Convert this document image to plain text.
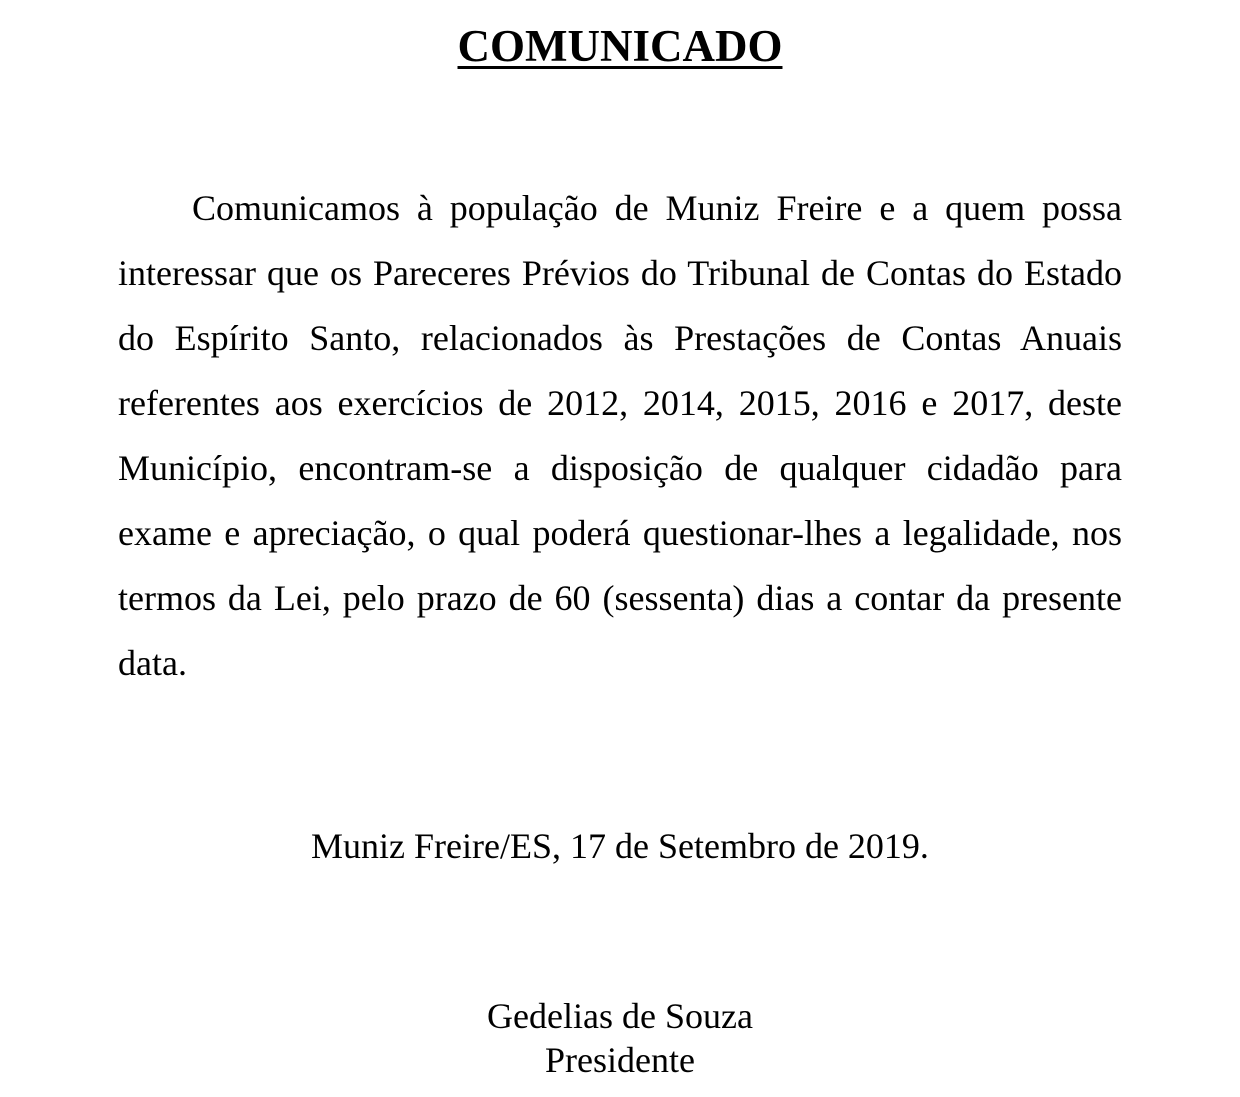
COMUNICADO

Comunicamos à população de Muniz Freire e a quem possa interessar que os Pareceres Prévios do Tribunal de Contas do Estado do Espírito Santo, relacionados às Prestações de Contas Anuais referentes aos exercícios de 2012, 2014, 2015, 2016 e 2017, deste Município, encontram-se a disposição de qualquer cidadão para exame e apreciação, o qual poderá questionar-lhes a legalidade, nos termos da Lei, pelo prazo de 60 (sessenta) dias a contar da presente data.

Muniz Freire/ES, 17 de Setembro de 2019.

Gedelias de Souza
Presidente
